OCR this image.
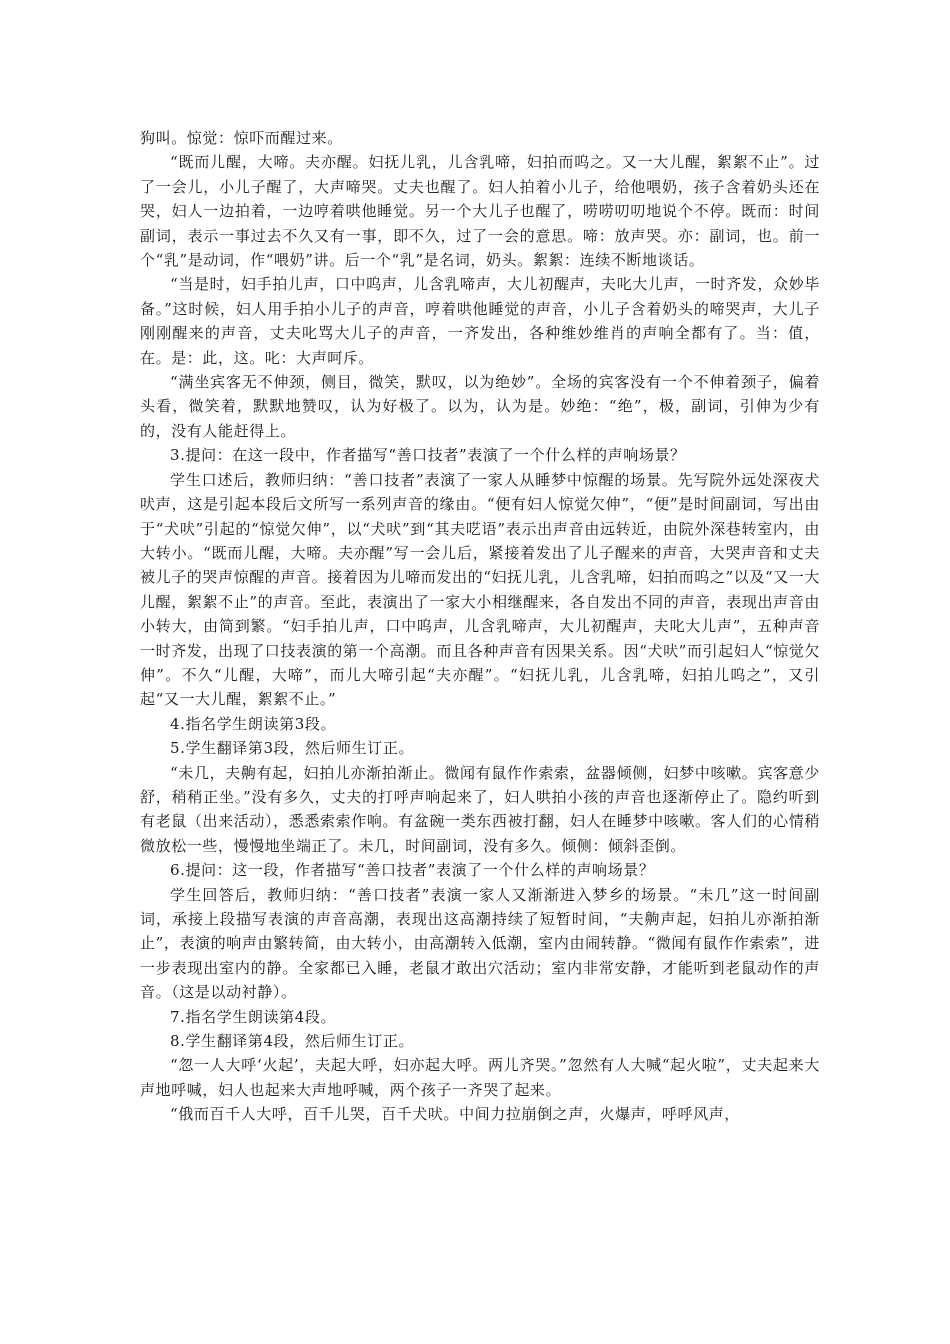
狗叫。惊觉：惊吓而醒过来。

“既而儿醒，大啼。夫亦醒。妇抚儿乳，儿含乳啼，妇拍而呜之。又一大儿醒，絮絮不止”。过了一会儿，小儿子醒了，大声啼哭。丈夫也醒了。妇人拍着小儿子，给他喂奶，孩子含着奶头还在哭，妇人一边拍着，一边哼着哄他睡觉。另一个大儿子也醒了，唠唠叨叨地说个不停。既而：时间副词，表示一事过去不久又有一事，即不久，过了一会的意思。啼：放声哭。亦：副词，也。前一个“乳”是动词，作“喂奶”讲。后一个“乳”是名词，奶头。絮絮：连续不断地谈话。

“当是时，妇手拍儿声，口中呜声，儿含乳啼声，大儿初醒声，夫叱大儿声，一时齐发，众妙毕备。”这时候，妇人用手拍小儿子的声音，哼着哄他睡觉的声音，小儿子含着奶头的啼哭声，大儿子刚刚醒来的声音，丈夫叱骂大儿子的声音，一齐发出，各种维妙维肖的声响全都有了。当：值，在。是：此，这。叱：大声呵斥。

“满坐宾客无不伸颈，侧目，微笑，默叹，以为绝妙”。全场的宾客没有一个不伸着颈子，偏着头看，微笑着，默默地赞叹，认为好极了。以为，认为是。妙绝：“绝”，极，副词，引伸为少有的，没有人能赶得上。

3.提问：在这一段中，作者描写“善口技者”表演了一个什么样的声响场景？

学生口述后，教师归纳：“善口技者”表演了一家人从睡梦中惊醒的场景。先写院外远处深夜犬吠声，这是引起本段后文所写一系列声音的缘由。“便有妇人惊觉欠伸”，“便”是时间副词，写出由于“犬吠”引起的“惊觉欠伸”，以“犬吠”到“其夫呓语”表示出声音由远转近，由院外深巷转室内，由大转小。“既而儿醒，大啼。夫亦醒”写一会儿后，紧接着发出了儿子醒来的声音，大哭声音和丈夫被儿子的哭声惊醒的声音。接着因为儿啼而发出的“妇抚儿乳，儿含乳啼，妇拍而呜之”以及“又一大儿醒，絮絮不止”的声音。至此，表演出了一家大小相继醒来，各自发出不同的声音，表现出声音由小转大，由简到繁。“妇手拍儿声，口中呜声，儿含乳啼声，大儿初醒声，夫叱大儿声”，五种声音一时齐发，出现了口技表演的第一个高潮。而且各种声音有因果关系。因“犬吠”而引起妇人“惊觉欠伸”。不久“儿醒，大啼”，而儿大啼引起“夫亦醒”。“妇抚儿乳，儿含乳啼，妇拍儿呜之”，又引起“又一大儿醒，絮絮不止。”

4.指名学生朗读第3段。

5.学生翻译第3段，然后师生订正。

“未几，夫齁有起，妇拍儿亦渐拍渐止。微闻有鼠作作索索，盆器倾侧，妇梦中咳嗽。宾客意少舒，稍稍正坐。”没有多久，丈夫的打呼声响起来了，妇人哄拍小孩的声音也逐渐停止了。隐约听到有老鼠（出来活动），悉悉索索作响。有盆碗一类东西被打翻，妇人在睡梦中咳嗽。客人们的心情稍微放松一些，慢慢地坐端正了。未几，时间副词，没有多久。倾侧：倾斜歪倒。

6.提问：这一段，作者描写“善口技者”表演了一个什么样的声响场景？

学生回答后，教师归纳：“善口技者”表演一家人又渐渐进入梦乡的场景。“未几”这一时间副词，承接上段描写表演的声音高潮，表现出这高潮持续了短暂时间，“夫齁声起，妇拍儿亦渐拍渐止”，表演的响声由繁转简，由大转小，由高潮转入低潮，室内由闹转静。“微闻有鼠作作索索”，进一步表现出室内的静。全家都已入睡，老鼠才敢出穴活动；室内非常安静，才能听到老鼠动作的声音。（这是以动衬静）。

7.指名学生朗读第4段。

8.学生翻译第4段，然后师生订正。

“忽一人大呼‘火起’，夫起大呼，妇亦起大呼。两儿齐哭。”忽然有人大喊“起火啦”，丈夫起来大声地呼喊，妇人也起来大声地呼喊，两个孩子一齐哭了起来。

“俄而百千人大呼，百千儿哭，百千犬吠。中间力拉崩倒之声，火爆声，呼呼风声，
